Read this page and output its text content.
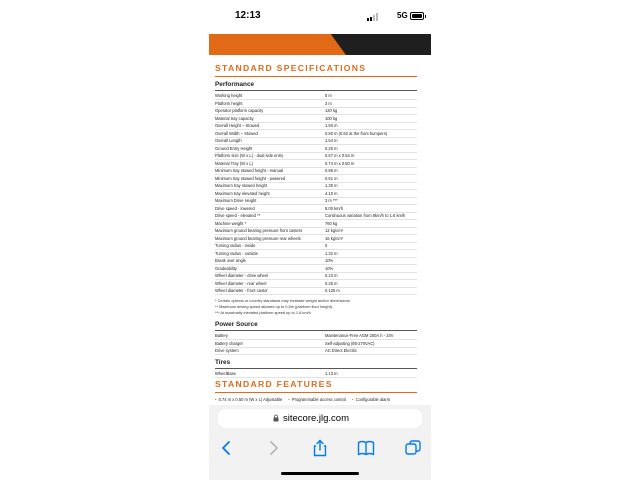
12:13	5G
STANDARD SPECIFICATIONS
Performance
Working height	5 m
Platform height	3 m
Operator platform capacity	120 kg
Material tray capacity	100 kg
Overall Height – Stowed	1.50 m
Overall Width – Stowed	0.80 m (0.82 at the front bumpers)
Overall Length	1.54 m
Ground Entry Height	0.20 m
Platform size (W x L) - dual side entry	0.67 m x 0.54 m
Material Tray (W x L)	0.74 m x 0.50 m
Minimum tray stowed height - manual	0.86 m
Minimum tray stowed height - powered	0.61 m
Maximum tray stowed height	1.30 m
Maximum tray elevated height	4.10 m
Maximum Drive Height	3 m ***
Drive speed - lowered	8.00 km/h
Drive speed - elevated **	Continuous variation from 8km/h to 1.6 km/h
Machine weight *	760 kg
Maximum ground bearing pressure front casters	12 kg/cm²
Maximum ground bearing pressure rear wheels	16 kg/cm²
Turning radius - inside	0
Turning radius - outside	1.32 m
Break over angle	10%
Gradeability	10%
Wheel diameter - drive wheel	0.23 m
Wheel diameter - rear wheel	0.25 m
Wheel diameter - front castor	0.125 m
* Certain options or country standards may increase weight and/or dimensions.
** Maximum driving speed allowed up to 0,5m (platform floor height).
*** At maximally elevated platform speed up to 1.6 km/h
Power Source
Battery	Maintenance-Free AGM 200A.h - 24V
Battery charger	Self-adjusting (85-270VAC)
Drive system	AC Direct Electric
Tires
WheelBase	1.13 m
STANDARD FEATURES
• 0.74 m x 0.50 m (W x L) Adjustable • Programmable access control • Configurable alarm
sitecore.jlg.com
